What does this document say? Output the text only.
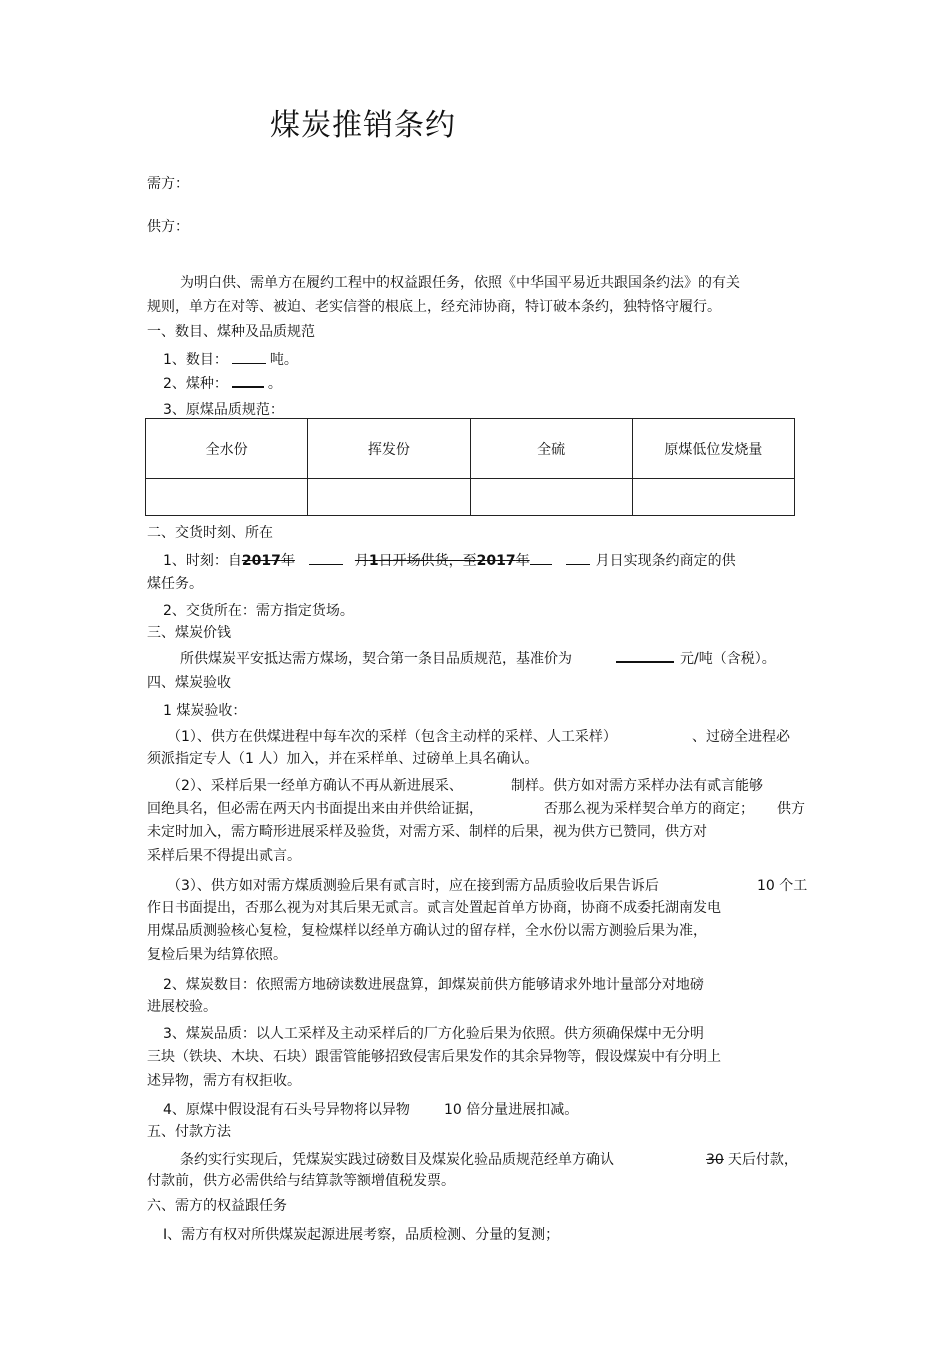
煤炭推销条约
需方：
供方：
为明白供、需单方在履约工程中的权益跟任务，依照《中华国平易近共跟国条约法》的有关
规则，单方在对等、被迫、老实信誉的根底上，经充沛协商，特订破本条约，独特恪守履行。
一、数目、煤种及品质规范
1、数目：	吨。
2、煤种：	。
3、原煤品质规范：
全水份	挥发份	全硫	原煤低位发烧量

二、交货时刻、所在
1、时刻：自2017年	月1日开场供货，至2017年	月日实现条约商定的供
煤任务。
2、交货所在：需方指定货场。
三、煤炭价钱
所供煤炭平安抵达需方煤场，契合第一条目品质规范，基准价为	元/吨（含税）。
四、煤炭验收
1 煤炭验收：
（1）、供方在供煤进程中每车次的采样（包含主动样的采样、人工采样）	、过磅全进程必
须派指定专人（1 人）加入，并在采样单、过磅单上具名确认。
（2）、采样后果一经单方确认不再从新进展采、	制样。供方如对需方采样办法有贰言能够
回绝具名，但必需在两天内书面提出来由并供给证据，	否那么视为采样契合单方的商定； 供方
未定时加入，需方畸形进展采样及验货，对需方采、制样的后果，视为供方已赞同，供方对
采样后果不得提出贰言。
（3）、供方如对需方煤质测验后果有贰言时，应在接到需方品质验收后果告诉后	10 个工
作日书面提出，否那么视为对其后果无贰言。贰言处置起首单方协商，协商不成委托湖南发电
用煤品质测验核心复检，复检煤样以经单方确认过的留存样，全水份以需方测验后果为准，
复检后果为结算依照。
2、煤炭数目：依照需方地磅读数进展盘算，卸煤炭前供方能够请求外地计量部分对地磅
进展校验。
3、煤炭品质：以人工采样及主动采样后的厂方化验后果为依照。供方须确保煤中无分明
三块（铁块、木块、石块）跟雷管能够招致侵害后果发作的其余异物等，假设煤炭中有分明上
述异物，需方有权拒收。
4、原煤中假设混有石头号异物将以异物 10 倍分量进展扣减。
五、付款方法
条约实行实现后，凭煤炭实践过磅数目及煤炭化验品质规范经单方确认	30 天后付款，
付款前，供方必需供给与结算款等额增值税发票。
六、需方的权益跟任务
Ⅰ、需方有权对所供煤炭起源进展考察，品质检测、分量的复测；
